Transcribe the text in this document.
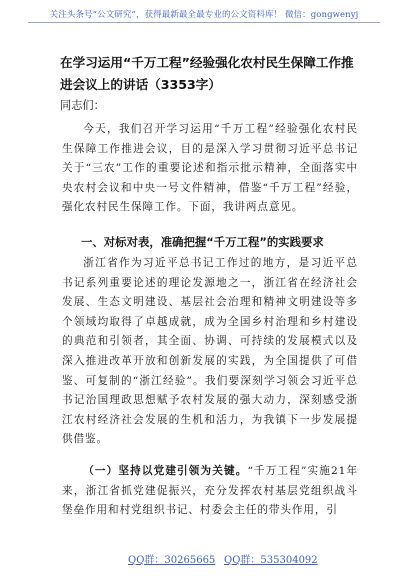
关注头条号“公文研究”，获得最新最全最专业的公文资料库！ 微信：gongwenyj
在学习运用“千万工程”经验强化农村民生保障工作推进会议上的讲话（3353字）
同志们：
今天，我们召开学习运用“千万工程”经验强化农村民生保障工作推进会议，目的是深入学习贯彻习近平总书记关于“三农”工作的重要论述和指示批示精神，全面落实中央农村会议和中央一号文件精神，借鉴“千万工程”经验，强化农村民生保障工作。下面，我讲两点意见。
一、对标对表，准确把握“千万工程”的实践要求
浙江省作为习近平总书记工作过的地方，是习近平总书记系列重要论述的理论发源地之一，浙江省在经济社会发展、生态文明建设、基层社会治理和精神文明建设等多个领域均取得了卓越成就，成为全国乡村治理和乡村建设的典范和引领者，其全面、协调、可持续的发展模式以及深入推进改革开放和创新发展的实践，为全国提供了可借鉴、可复制的“浙江经验”。我们要深刻学习领会习近平总书记治国理政思想赋予农村发展的强大动力，深刻感受浙江农村经济社会发展的生机和活力，为我镇下一步发展提供借鉴。
（一）坚持以党建引领为关键。“千万工程”实施21年来，浙江省抓党建促振兴，充分发挥农村基层党组织战斗堡垒作用和村党组织书记、村委会主任的带头作用，引
QQ群：30265665 QQ群：535304092
